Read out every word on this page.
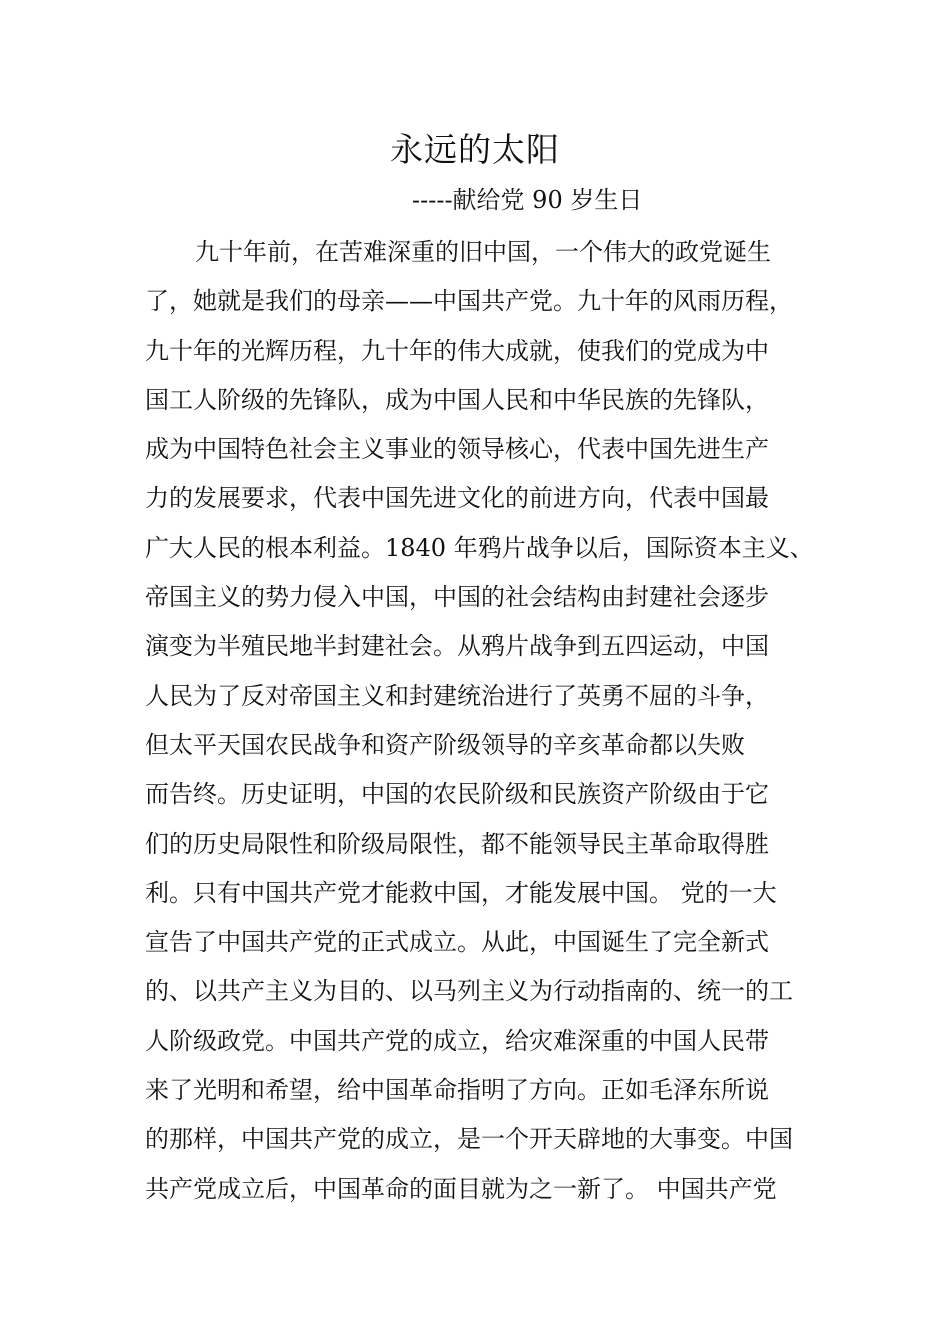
永远的太阳
-----献给党 90 岁生日
九十年前，在苦难深重的旧中国，一个伟大的政党诞生
了，她就是我们的母亲——中国共产党。九十年的风雨历程，
九十年的光辉历程，九十年的伟大成就，使我们的党成为中
国工人阶级的先锋队，成为中国人民和中华民族的先锋队，
成为中国特色社会主义事业的领导核心，代表中国先进生产
力的发展要求，代表中国先进文化的前进方向，代表中国最
广大人民的根本利益。1840 年鸦片战争以后，国际资本主义、
帝国主义的势力侵入中国，中国的社会结构由封建社会逐步
演变为半殖民地半封建社会。从鸦片战争到五四运动，中国
人民为了反对帝国主义和封建统治进行了英勇不屈的斗争，
但太平天国农民战争和资产阶级领导的辛亥革命都以失败
而告终。历史证明，中国的农民阶级和民族资产阶级由于它
们的历史局限性和阶级局限性，都不能领导民主革命取得胜
利。只有中国共产党才能救中国，才能发展中国。 党的一大
宣告了中国共产党的正式成立。从此，中国诞生了完全新式
的、以共产主义为目的、以马列主义为行动指南的、统一的工
人阶级政党。中国共产党的成立，给灾难深重的中国人民带
来了光明和希望，给中国革命指明了方向。正如毛泽东所说
的那样，中国共产党的成立，是一个开天辟地的大事变。中国
共产党成立后，中国革命的面目就为之一新了。 中国共产党
